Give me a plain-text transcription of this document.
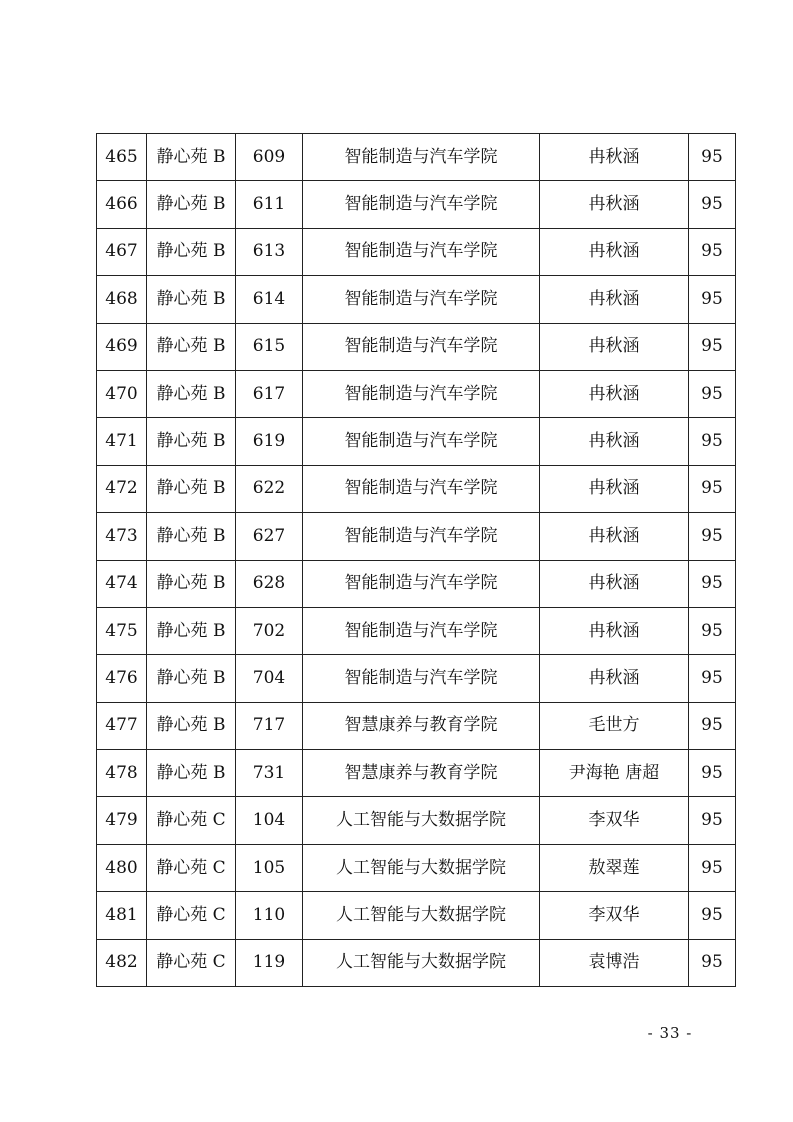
465	静心苑 B	609	智能制造与汽车学院	冉秋涵	95
466	静心苑 B	611	智能制造与汽车学院	冉秋涵	95
467	静心苑 B	613	智能制造与汽车学院	冉秋涵	95
468	静心苑 B	614	智能制造与汽车学院	冉秋涵	95
469	静心苑 B	615	智能制造与汽车学院	冉秋涵	95
470	静心苑 B	617	智能制造与汽车学院	冉秋涵	95
471	静心苑 B	619	智能制造与汽车学院	冉秋涵	95
472	静心苑 B	622	智能制造与汽车学院	冉秋涵	95
473	静心苑 B	627	智能制造与汽车学院	冉秋涵	95
474	静心苑 B	628	智能制造与汽车学院	冉秋涵	95
475	静心苑 B	702	智能制造与汽车学院	冉秋涵	95
476	静心苑 B	704	智能制造与汽车学院	冉秋涵	95
477	静心苑 B	717	智慧康养与教育学院	毛世方	95
478	静心苑 B	731	智慧康养与教育学院	尹海艳 唐超	95
479	静心苑 C	104	人工智能与大数据学院	李双华	95
480	静心苑 C	105	人工智能与大数据学院	敖翠莲	95
481	静心苑 C	110	人工智能与大数据学院	李双华	95
482	静心苑 C	119	人工智能与大数据学院	袁博浩	95
- 33 -
